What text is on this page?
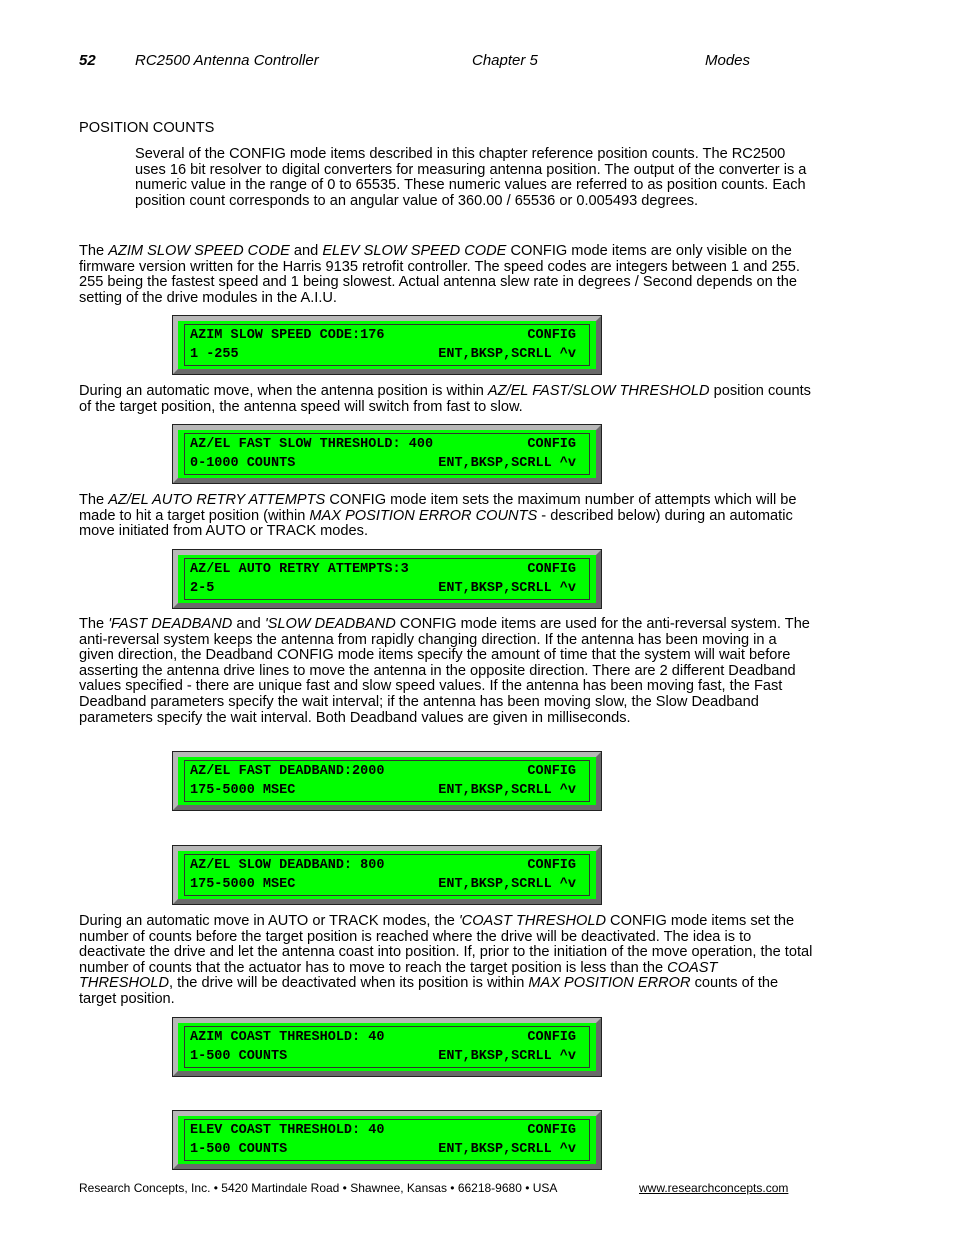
52	RC2500 Antenna Controller	Chapter 5	Modes
POSITION COUNTS

Several of the CONFIG mode items described in this chapter reference position counts. The RC2500 uses 16 bit resolver to digital converters for measuring antenna position. The output of the converter is a numeric value in the range of 0 to 65535. These numeric values are referred to as position counts. Each position count corresponds to an angular value of 360.00 / 65536 or 0.005493 degrees.

The AZIM SLOW SPEED CODE and ELEV SLOW SPEED CODE CONFIG mode items are only visible on the firmware version written for the Harris 9135 retrofit controller. The speed codes are integers between 1 and 255. 255 being the fastest speed and 1 being slowest. Actual antenna slew rate in degrees / Second depends on the setting of the drive modules in the A.I.U.

AZIM SLOW SPEED CODE:176	CONFIG
1 -255	ENT,BKSP,SCRLL ^v

During an automatic move, when the antenna position is within AZ/EL FAST/SLOW THRESHOLD position counts of the target position, the antenna speed will switch from fast to slow.

AZ/EL FAST SLOW THRESHOLD: 400	CONFIG
0-1000 COUNTS	ENT,BKSP,SCRLL ^v

The AZ/EL AUTO RETRY ATTEMPTS CONFIG mode item sets the maximum number of attempts which will be made to hit a target position (within MAX POSITION ERROR COUNTS - described below) during an automatic move initiated from AUTO or TRACK modes.

AZ/EL AUTO RETRY ATTEMPTS:3	CONFIG
2-5	ENT,BKSP,SCRLL ^v

The 'FAST DEADBAND and 'SLOW DEADBAND CONFIG mode items are used for the anti-reversal system. The anti-reversal system keeps the antenna from rapidly changing direction. If the antenna has been moving in a given direction, the Deadband CONFIG mode items specify the amount of time that the system will wait before asserting the antenna drive lines to move the antenna in the opposite direction. There are 2 different Deadband values specified - there are unique fast and slow speed values. If the antenna has been moving fast, the Fast Deadband parameters specify the wait interval; if the antenna has been moving slow, the Slow Deadband parameters specify the wait interval. Both Deadband values are given in milliseconds.

AZ/EL FAST DEADBAND:2000	CONFIG
175-5000 MSEC	ENT,BKSP,SCRLL ^v
AZ/EL SLOW DEADBAND: 800	CONFIG
175-5000 MSEC	ENT,BKSP,SCRLL ^v

During an automatic move in AUTO or TRACK modes, the 'COAST THRESHOLD CONFIG mode items set the number of counts before the target position is reached where the drive will be deactivated. The idea is to deactivate the drive and let the antenna coast into position. If, prior to the initiation of the move operation, the total number of counts that the actuator has to move to reach the target position is less than the COAST THRESHOLD, the drive will be deactivated when its position is within MAX POSITION ERROR counts of the target position.

AZIM COAST THRESHOLD: 40	CONFIG
1-500 COUNTS	ENT,BKSP,SCRLL ^v
ELEV COAST THRESHOLD: 40	CONFIG
1-500 COUNTS	ENT,BKSP,SCRLL ^v
Research Concepts, Inc. • 5420 Martindale Road • Shawnee, Kansas • 66218-9680 • USA	www.researchconcepts.com
